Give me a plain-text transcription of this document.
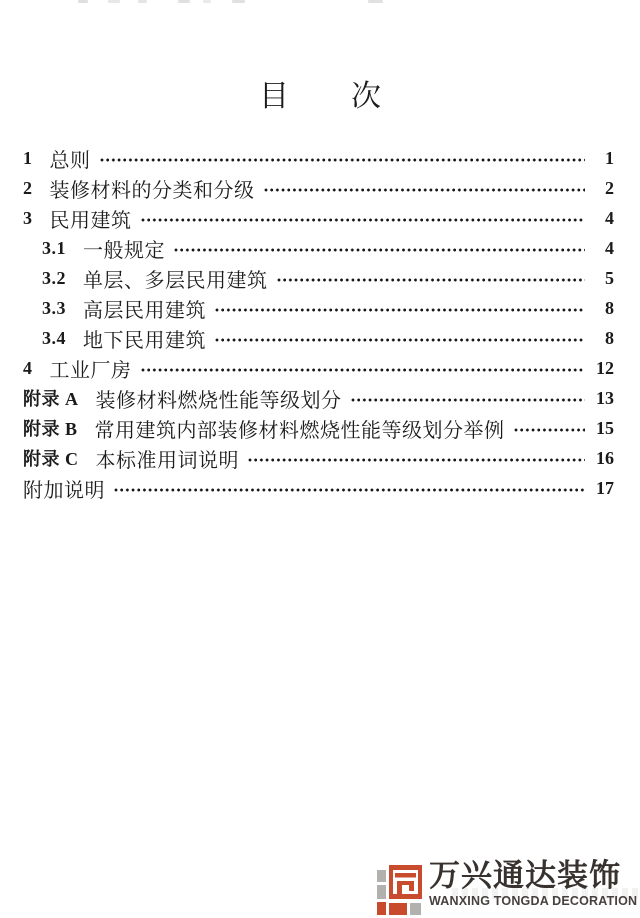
目 次
1 总则	1
2 装修材料的分类和分级	2
3 民用建筑	4
3.1 一般规定	4
3.2 单层、多层民用建筑	5
3.3 高层民用建筑	8
3.4 地下民用建筑	8
4 工业厂房	12
附录 A 装修材料燃烧性能等级划分	13
附录 B 常用建筑内部装修材料燃烧性能等级划分举例	15
附录 C 本标准用词说明	16
附加说明	17
万兴通达装饰
WANXING TONGDA DECORATION
